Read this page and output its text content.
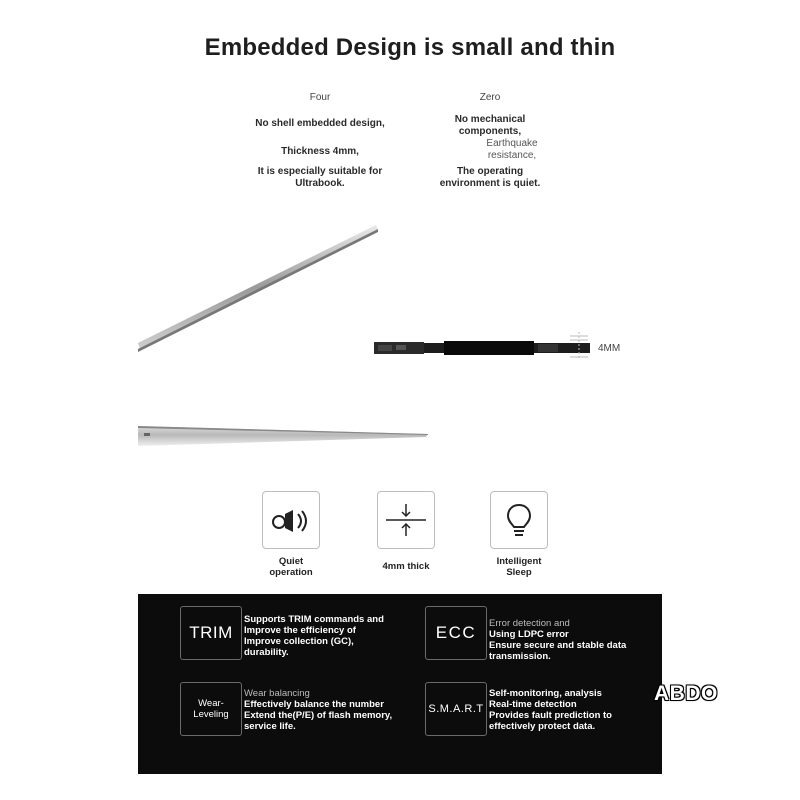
Embedded Design is small and thin
Four
No shell embedded design,
Thickness 4mm,
It is especially suitable for
Ultrabook.
Zero
No mechanical
components,
Earthquake
resistance,
The operating
environment is quiet.
4MM
Quiet
operation
4mm thick	Intelligent
Sleep
TRIM
Supports TRIM commands and
Improve the efficiency of
Improve collection (GC),
durability.
ECC Error detection and
Using LDPC error
Ensure secure and stable data
transmission.
Wear-Leveling
Wear balancing
Effectively balance the number
Extend the(P/E) of flash memory,
service life.
S.M.A.R.T
Self-monitoring, analysis
Real-time detection
Provides fault prediction to
effectively protect data.
ABDO
